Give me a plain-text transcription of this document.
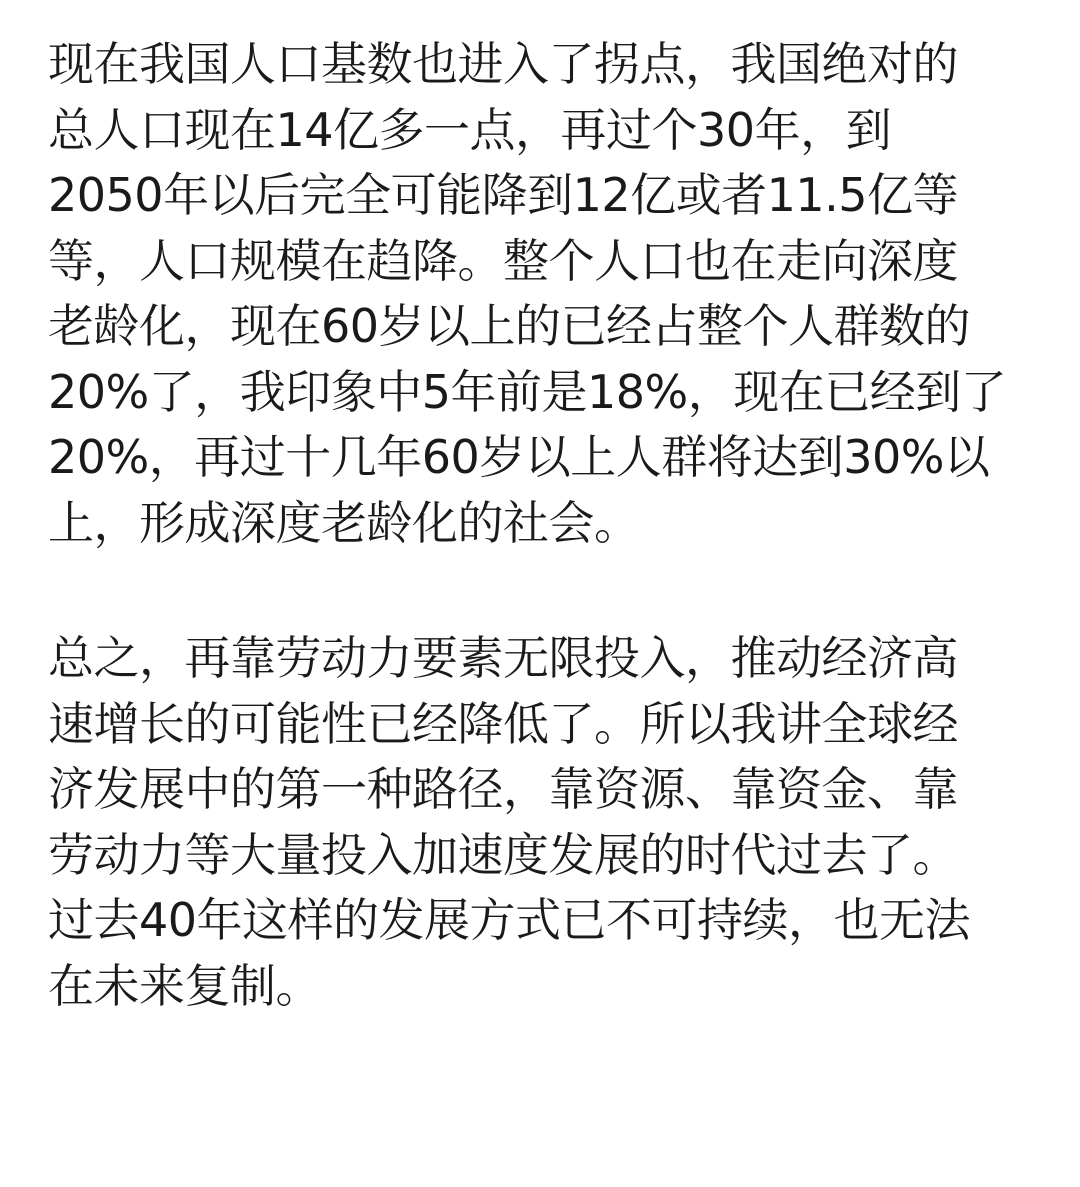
现在我国人口基数也进入了拐点，我国绝对的
总人口现在14亿多一点，再过个30年，到
2050年以后完全可能降到12亿或者11.5亿等
等，人口规模在趋降。整个人口也在走向深度
老龄化，现在60岁以上的已经占整个人群数的
20%了，我印象中5年前是18%，现在已经到了
20%，再过十几年60岁以上人群将达到30%以
上，形成深度老龄化的社会。

总之，再靠劳动力要素无限投入，推动经济高
速增长的可能性已经降低了。所以我讲全球经
济发展中的第一种路径，靠资源、靠资金、靠
劳动力等大量投入加速度发展的时代过去了。
过去40年这样的发展方式已不可持续，也无法
在未来复制。
